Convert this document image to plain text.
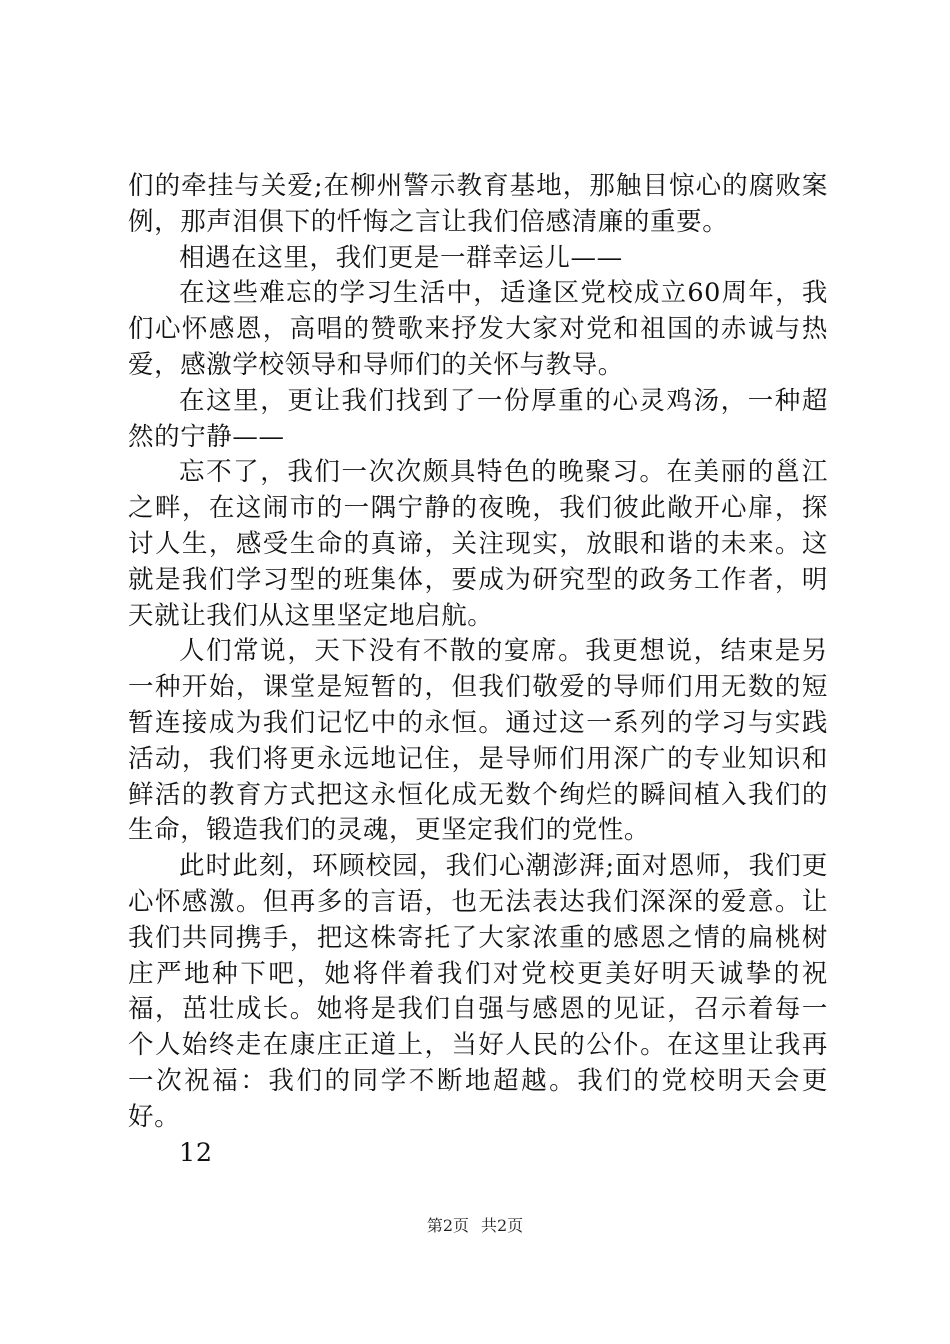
们的牵挂与关爱;在柳州警示教育基地，那触目惊心的腐败案例，那声泪俱下的忏悔之言让我们倍感清廉的重要。

相遇在这里，我们更是一群幸运儿——

在这些难忘的学习生活中，适逢区党校成立60周年，我们心怀感恩，高唱的赞歌来抒发大家对党和祖国的赤诚与热爱，感激学校领导和导师们的关怀与教导。

在这里，更让我们找到了一份厚重的心灵鸡汤，一种超然的宁静——

忘不了，我们一次次颇具特色的晚聚习。在美丽的邕江之畔，在这闹市的一隅宁静的夜晚，我们彼此敞开心扉，探讨人生，感受生命的真谛，关注现实，放眼和谐的未来。这就是我们学习型的班集体，要成为研究型的政务工作者，明天就让我们从这里坚定地启航。

人们常说，天下没有不散的宴席。我更想说，结束是另一种开始，课堂是短暂的，但我们敬爱的导师们用无数的短暂连接成为我们记忆中的永恒。通过这一系列的学习与实践活动，我们将更永远地记住，是导师们用深广的专业知识和鲜活的教育方式把这永恒化成无数个绚烂的瞬间植入我们的生命，锻造我们的灵魂，更坚定我们的党性。

此时此刻，环顾校园，我们心潮澎湃;面对恩师，我们更心怀感激。但再多的言语，也无法表达我们深深的爱意。让我们共同携手，把这株寄托了大家浓重的感恩之情的扁桃树庄严地种下吧，她将伴着我们对党校更美好明天诚挚的祝福，茁壮成长。她将是我们自强与感恩的见证，召示着每一个人始终走在康庄正道上，当好人民的公仆。在这里让我再一次祝福：我们的同学不断地超越。我们的党校明天会更好。

12

第2页 共2页
